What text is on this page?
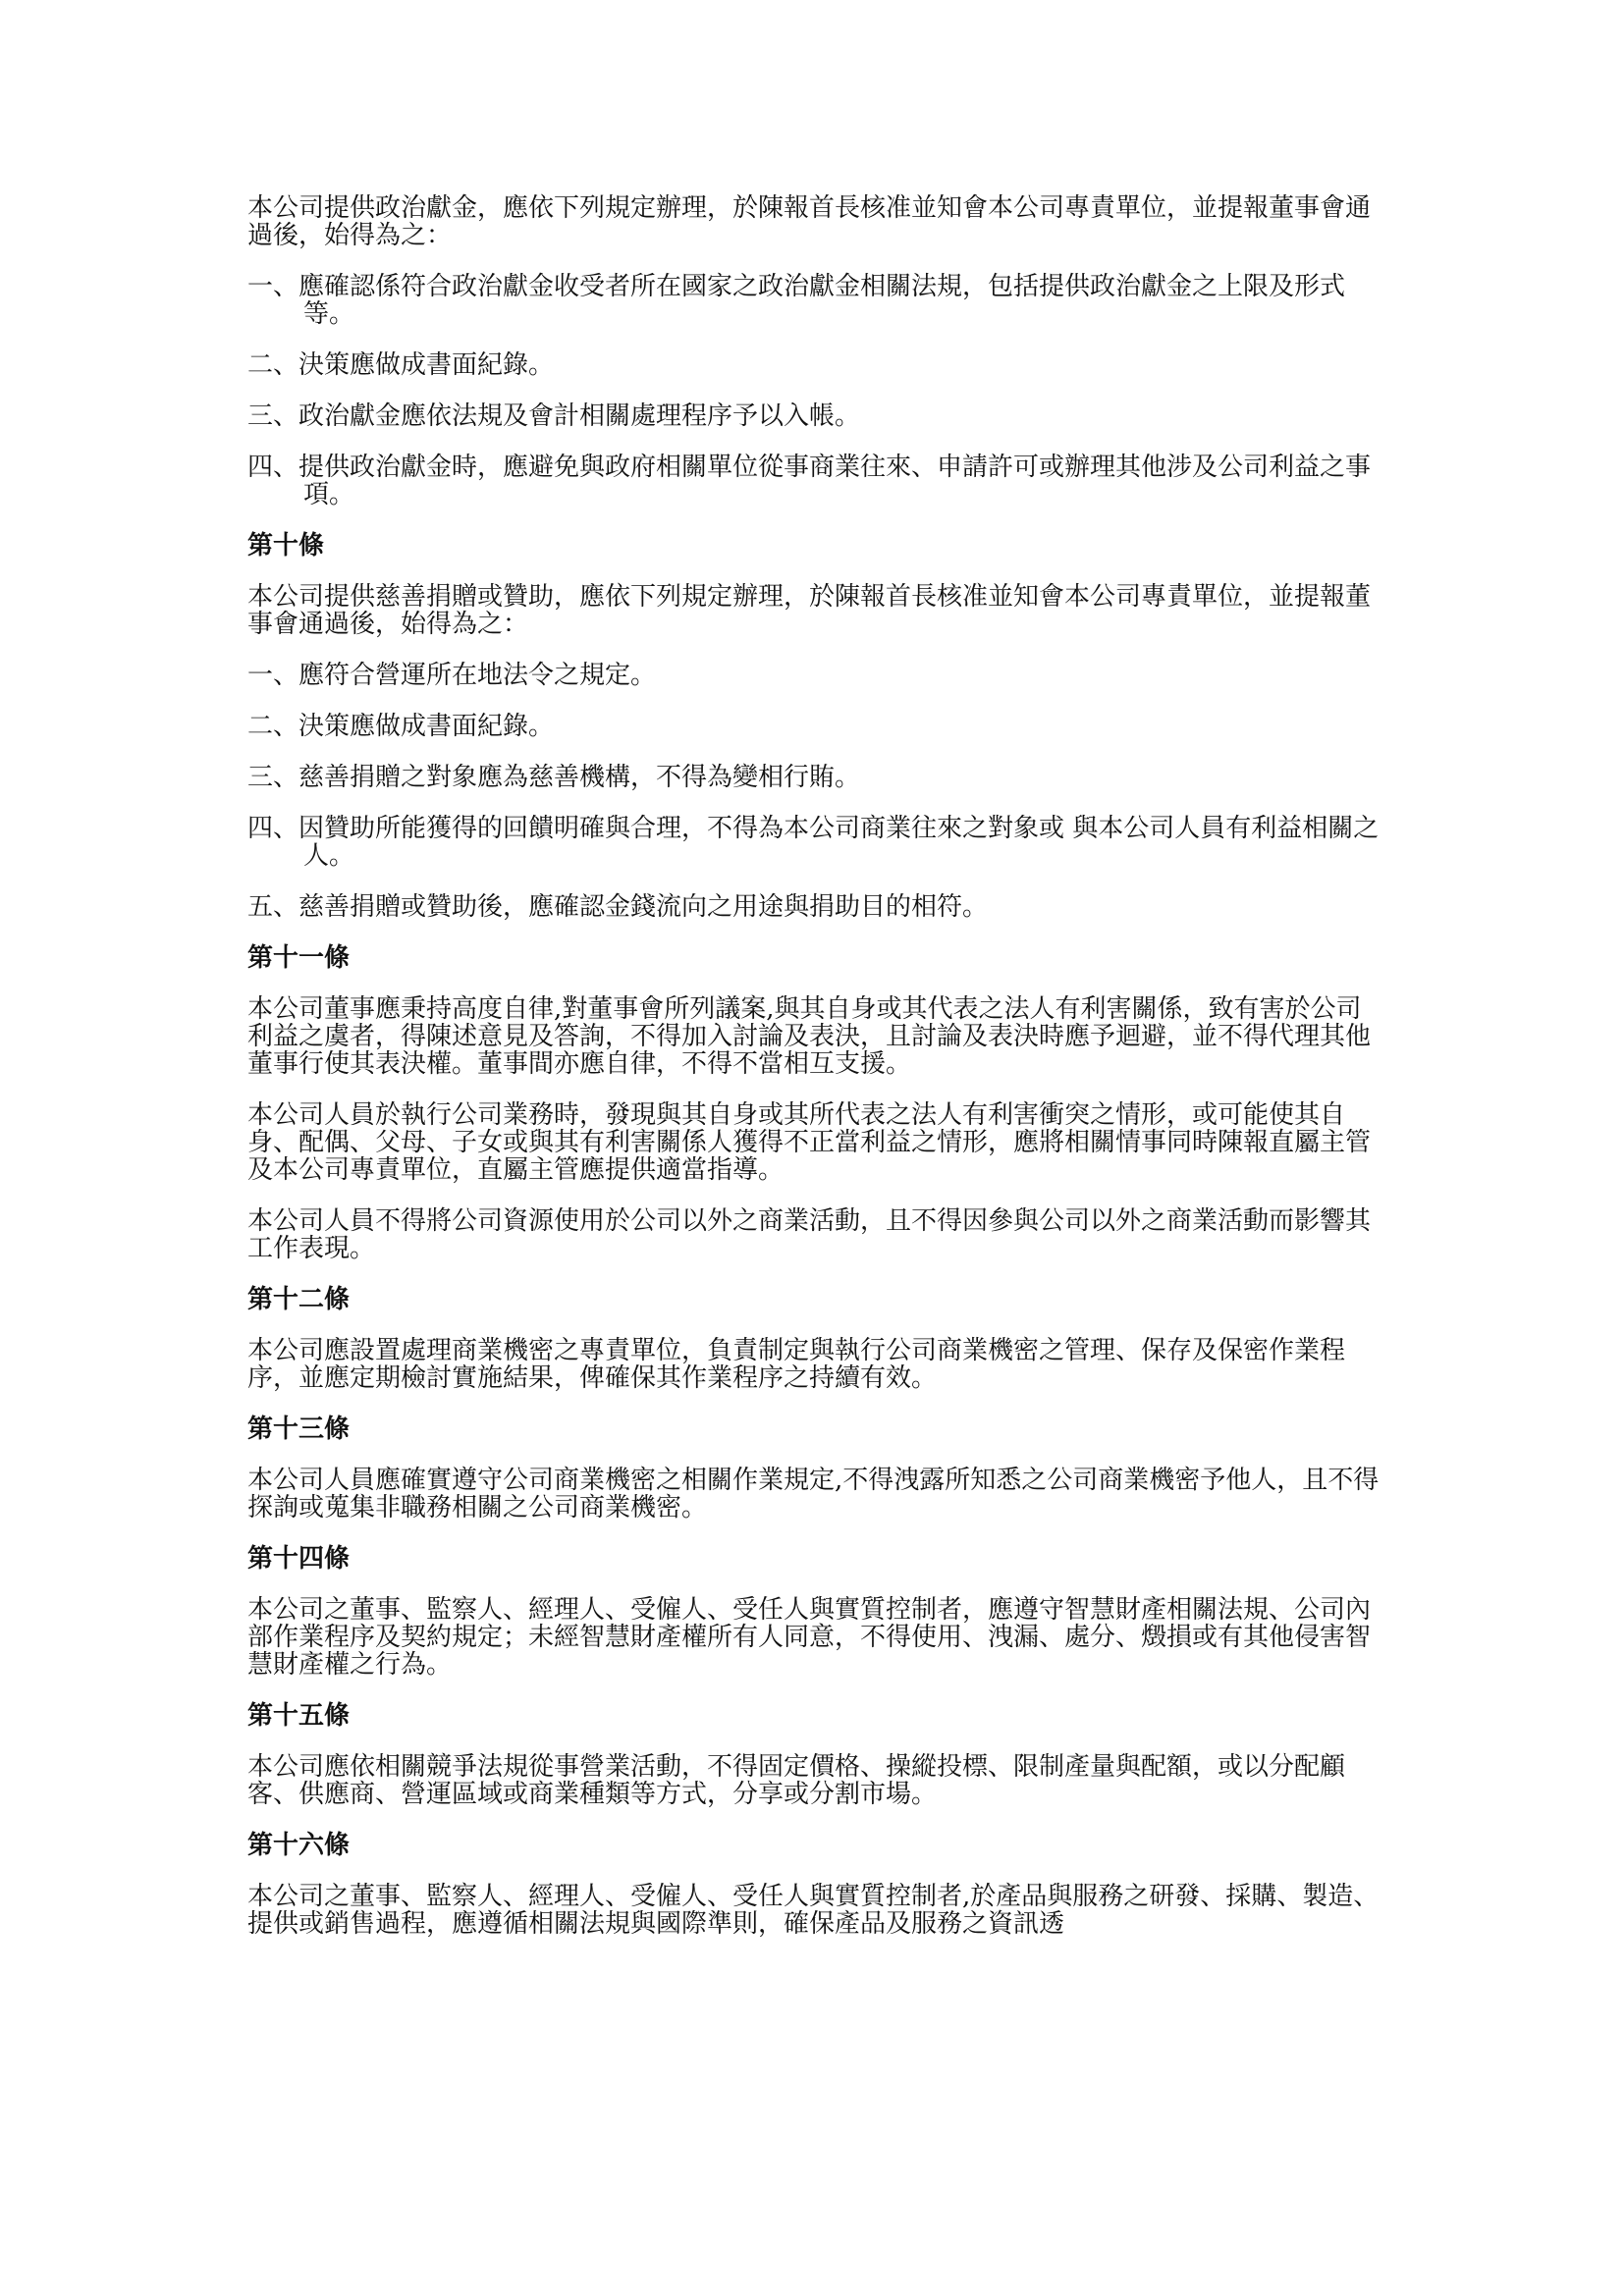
本公司提供政治獻金，應依下列規定辦理，於陳報首長核准並知會本公司專責單位，並提報董事會通過後，始得為之：

一、應確認係符合政治獻金收受者所在國家之政治獻金相關法規，包括提供政治獻金之上限及形式等。

二、決策應做成書面紀錄。

三、政治獻金應依法規及會計相關處理程序予以入帳。

四、提供政治獻金時，應避免與政府相關單位從事商業往來、申請許可或辦理其他涉及公司利益之事項。

第十條

本公司提供慈善捐贈或贊助，應依下列規定辦理，於陳報首長核准並知會本公司專責單位，並提報董事會通過後，始得為之：

一、應符合營運所在地法令之規定。

二、決策應做成書面紀錄。

三、慈善捐贈之對象應為慈善機構，不得為變相行賄。

四、因贊助所能獲得的回饋明確與合理，不得為本公司商業往來之對象或 與本公司人員有利益相關之人。

五、慈善捐贈或贊助後，應確認金錢流向之用途與捐助目的相符。

第十一條

本公司董事應秉持高度自律,對董事會所列議案,與其自身或其代表之法人有利害關係，致有害於公司利益之虞者，得陳述意見及答詢，不得加入討論及表決，且討論及表決時應予迴避，並不得代理其他董事行使其表決權。董事間亦應自律，不得不當相互支援。

本公司人員於執行公司業務時，發現與其自身或其所代表之法人有利害衝突之情形，或可能使其自身、配偶、父母、子女或與其有利害關係人獲得不正當利益之情形，應將相關情事同時陳報直屬主管及本公司專責單位，直屬主管應提供適當指導。

本公司人員不得將公司資源使用於公司以外之商業活動，且不得因參與公司以外之商業活動而影響其工作表現。

第十二條

本公司應設置處理商業機密之專責單位，負責制定與執行公司商業機密之管理、保存及保密作業程序，並應定期檢討實施結果，俾確保其作業程序之持續有效。

第十三條

本公司人員應確實遵守公司商業機密之相關作業規定,不得洩露所知悉之公司商業機密予他人，且不得探詢或蒐集非職務相關之公司商業機密。

第十四條

本公司之董事、監察人、經理人、受僱人、受任人與實質控制者，應遵守智慧財產相關法規、公司內部作業程序及契約規定；未經智慧財產權所有人同意，不得使用、洩漏、處分、燬損或有其他侵害智慧財產權之行為。

第十五條

本公司應依相關競爭法規從事營業活動，不得固定價格、操縱投標、限制產量與配額，或以分配顧客、供應商、營運區域或商業種類等方式，分享或分割市場。

第十六條

本公司之董事、監察人、經理人、受僱人、受任人與實質控制者,於產品與服務之研發、採購、製造、提供或銷售過程，應遵循相關法規與國際準則，確保產品及服務之資訊透
